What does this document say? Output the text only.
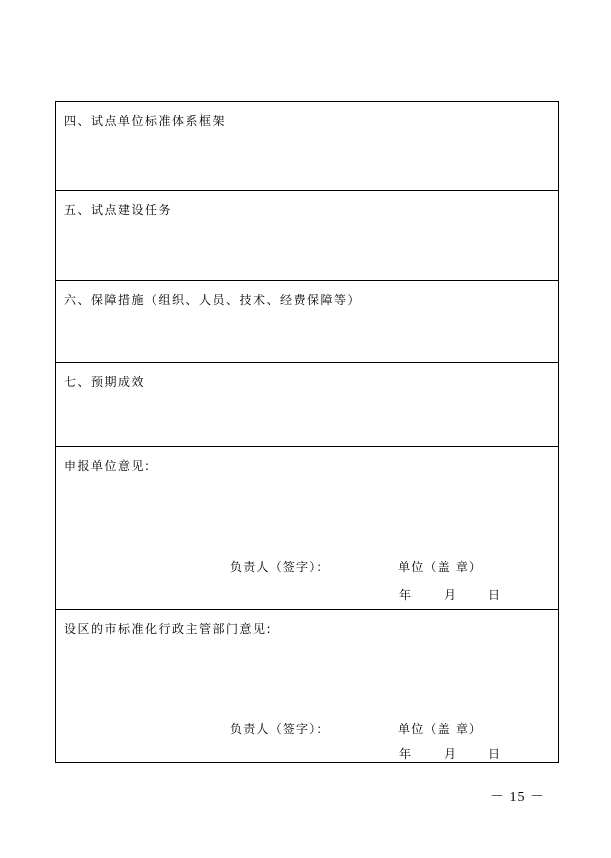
四、试点单位标准体系框架
五、试点建设任务
六、保障措施（组织、人员、技术、经费保障等）
七、预期成效
申报单位意见:
负责人（签字）：	单位（盖 章）
年	月	日
设区的市标准化行政主管部门意见:
负责人（签字）：	单位（盖 章）
年	月	日
－ 15 －
